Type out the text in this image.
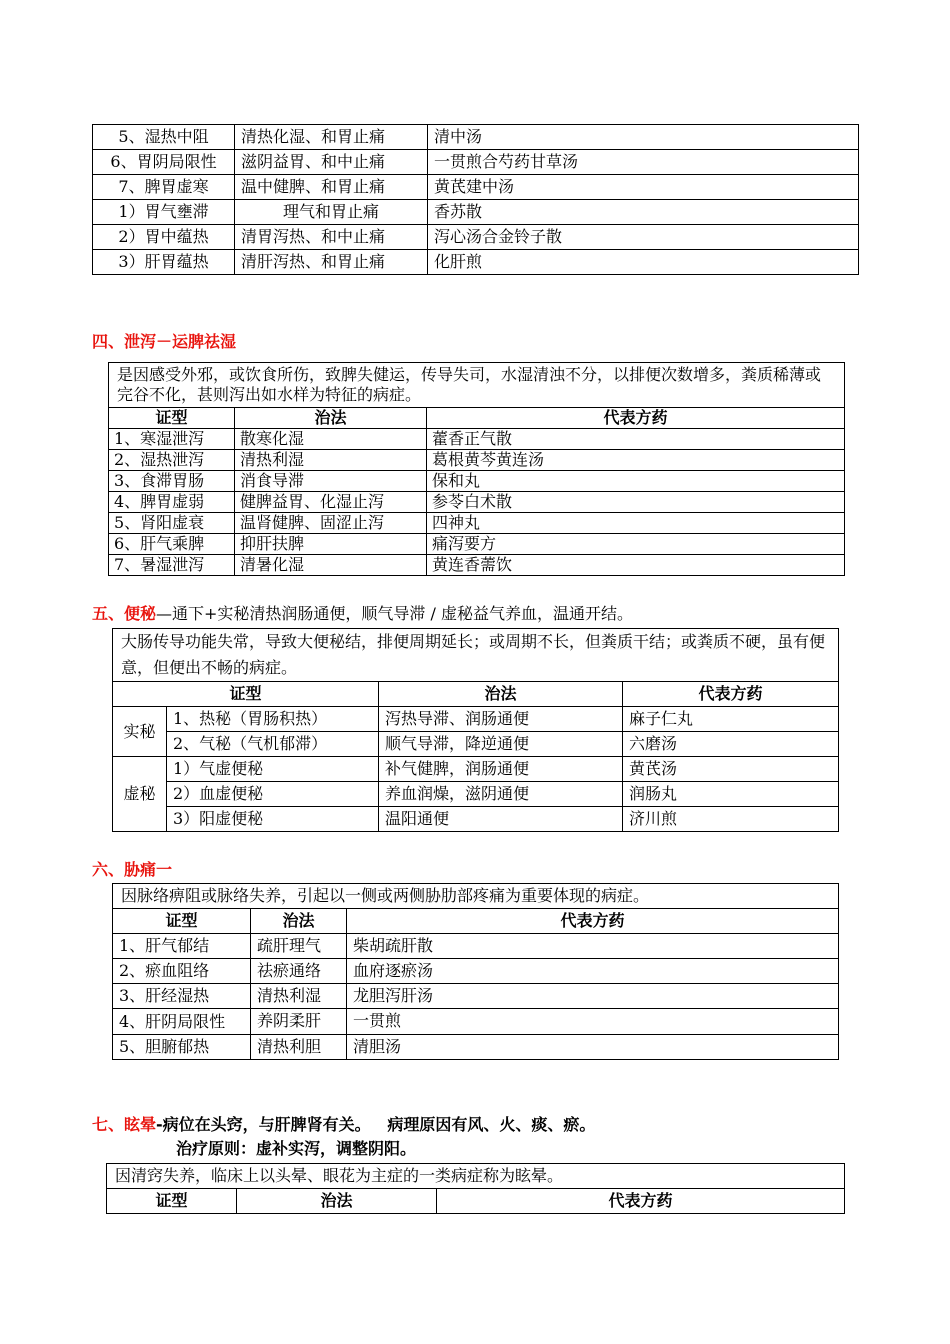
5、湿热中阻	清热化湿、和胃止痛	清中汤
6、胃阴局限性	滋阴益胃、和中止痛	一贯煎合芍药甘草汤
7、脾胃虚寒	温中健脾、和胃止痛	黄芪建中汤
1）胃气壅滞	理气和胃止痛	香苏散
2）胃中蕴热	清胃泻热、和中止痛	泻心汤合金铃子散
3）肝胃蕴热	清肝泻热、和胃止痛	化肝煎
四、泄泻－运脾祛湿
是因感受外邪，或饮食所伤，致脾失健运，传导失司，水湿清浊不分，以排便次数增多，粪质稀薄或完谷不化，甚则泻出如水样为特征的病症。		
证型	治法	代表方药
1、寒湿泄泻	散寒化湿	藿香正气散
2、湿热泄泻	清热利湿	葛根黄芩黄连汤
3、食滞胃肠	消食导滞	保和丸
4、脾胃虚弱	健脾益胃、化湿止泻	参苓白术散
5、肾阳虚衰	温肾健脾、固涩止泻	四神丸
6、肝气乘脾	抑肝扶脾	痛泻要方
7、暑湿泄泻	清暑化湿	黄连香薷饮
五、便秘—通下+实秘清热润肠通便，顺气导滞 / 虚秘益气养血，温通开结。
大肠传导功能失常，导致大便秘结，排便周期延长；或周期不长，但粪质干结；或粪质不硬，虽有便意，但便出不畅的病症。			
证型		治法	代表方药
实秘	1、热秘（胃肠积热）	泻热导滞、润肠通便	麻子仁丸
	2、气秘（气机郁滞）	顺气导滞，降逆通便	六磨汤
虚秘	1）气虚便秘	补气健脾，润肠通便	黄芪汤
	2）血虚便秘	养血润燥，滋阴通便	润肠丸
	3）阳虚便秘	温阳通便	济川煎
六、胁痛一
因脉络痹阻或脉络失养，引起以一侧或两侧胁肋部疼痛为重要体现的病症。		
证型	治法	代表方药
1、肝气郁结	疏肝理气	柴胡疏肝散
2、瘀血阻络	祛瘀通络	血府逐瘀汤
3、肝经湿热	清热利湿	龙胆泻肝汤
4、肝阴局限性	养阴柔肝	一贯煎
5、胆腑郁热	清热利胆	清胆汤
七、眩晕-病位在头窍，与肝脾肾有关。   病理原因有风、火、痰、瘀。
治疗原则：虚补实泻，调整阴阳。
因清窍失养，临床上以头晕、眼花为主症的一类病症称为眩晕。
证型	治法	代表方药
